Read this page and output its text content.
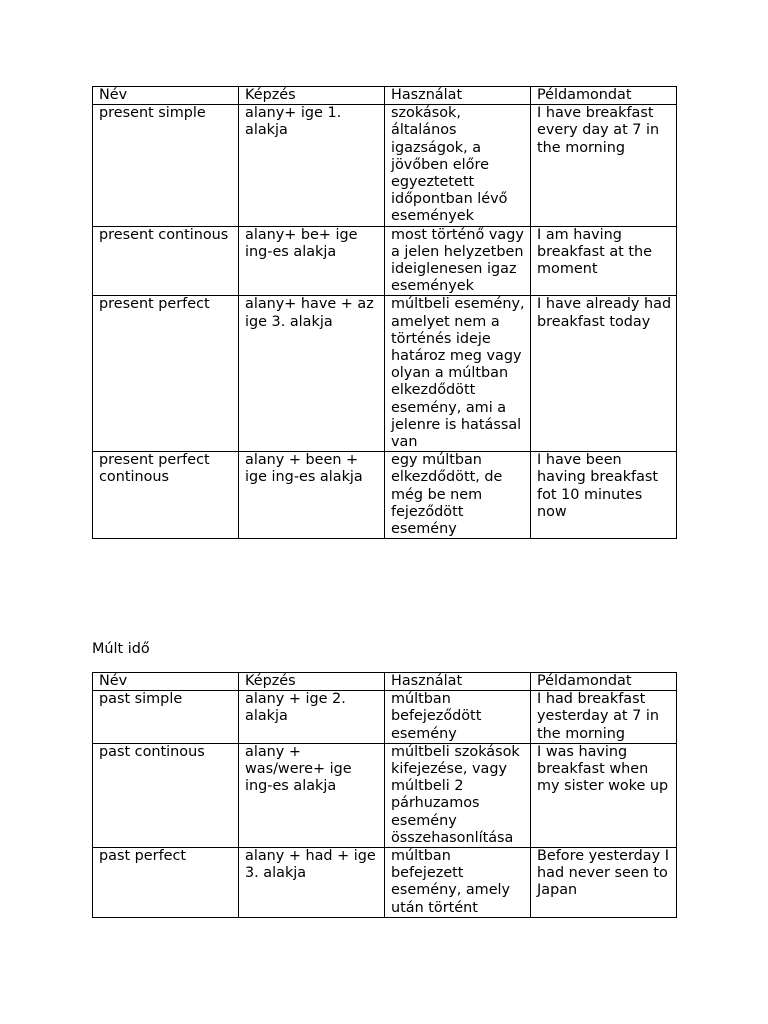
Név	Képzés	Használat	Példamondat
present simple	alany+ ige 1. alakja	szokások, általános igazságok, a jövőben előre egyeztetett időpontban lévő események	I have breakfast every day at 7 in the morning
present continous	alany+ be+ ige ing-es alakja	most történő vagy a jelen helyzetben ideiglenesen igaz események	I am having breakfast at the moment
present perfect	alany+ have + az ige 3. alakja	múltbeli esemény, amelyet nem a történés ideje határoz meg vagy olyan a múltban elkezdődött esemény, ami a jelenre is hatással van	I have already had breakfast today
present perfect continous	alany + been + ige ing-es alakja	egy múltban elkezdődött, de még be nem fejeződött esemény	I have been having breakfast fot 10 minutes now

Múlt idő

Név	Képzés	Használat	Példamondat
past simple	alany + ige 2. alakja	múltban befejeződött esemény	I had breakfast yesterday at 7 in the morning
past continous	alany + was/were+ ige ing-es alakja	múltbeli szokások kifejezése, vagy múltbeli 2 párhuzamos esemény összehasonlítása	I was having breakfast when my sister woke up
past perfect	alany + had + ige 3. alakja	múltban befejezett esemény, amely után történt	Before yesterday I had never seen to Japan
